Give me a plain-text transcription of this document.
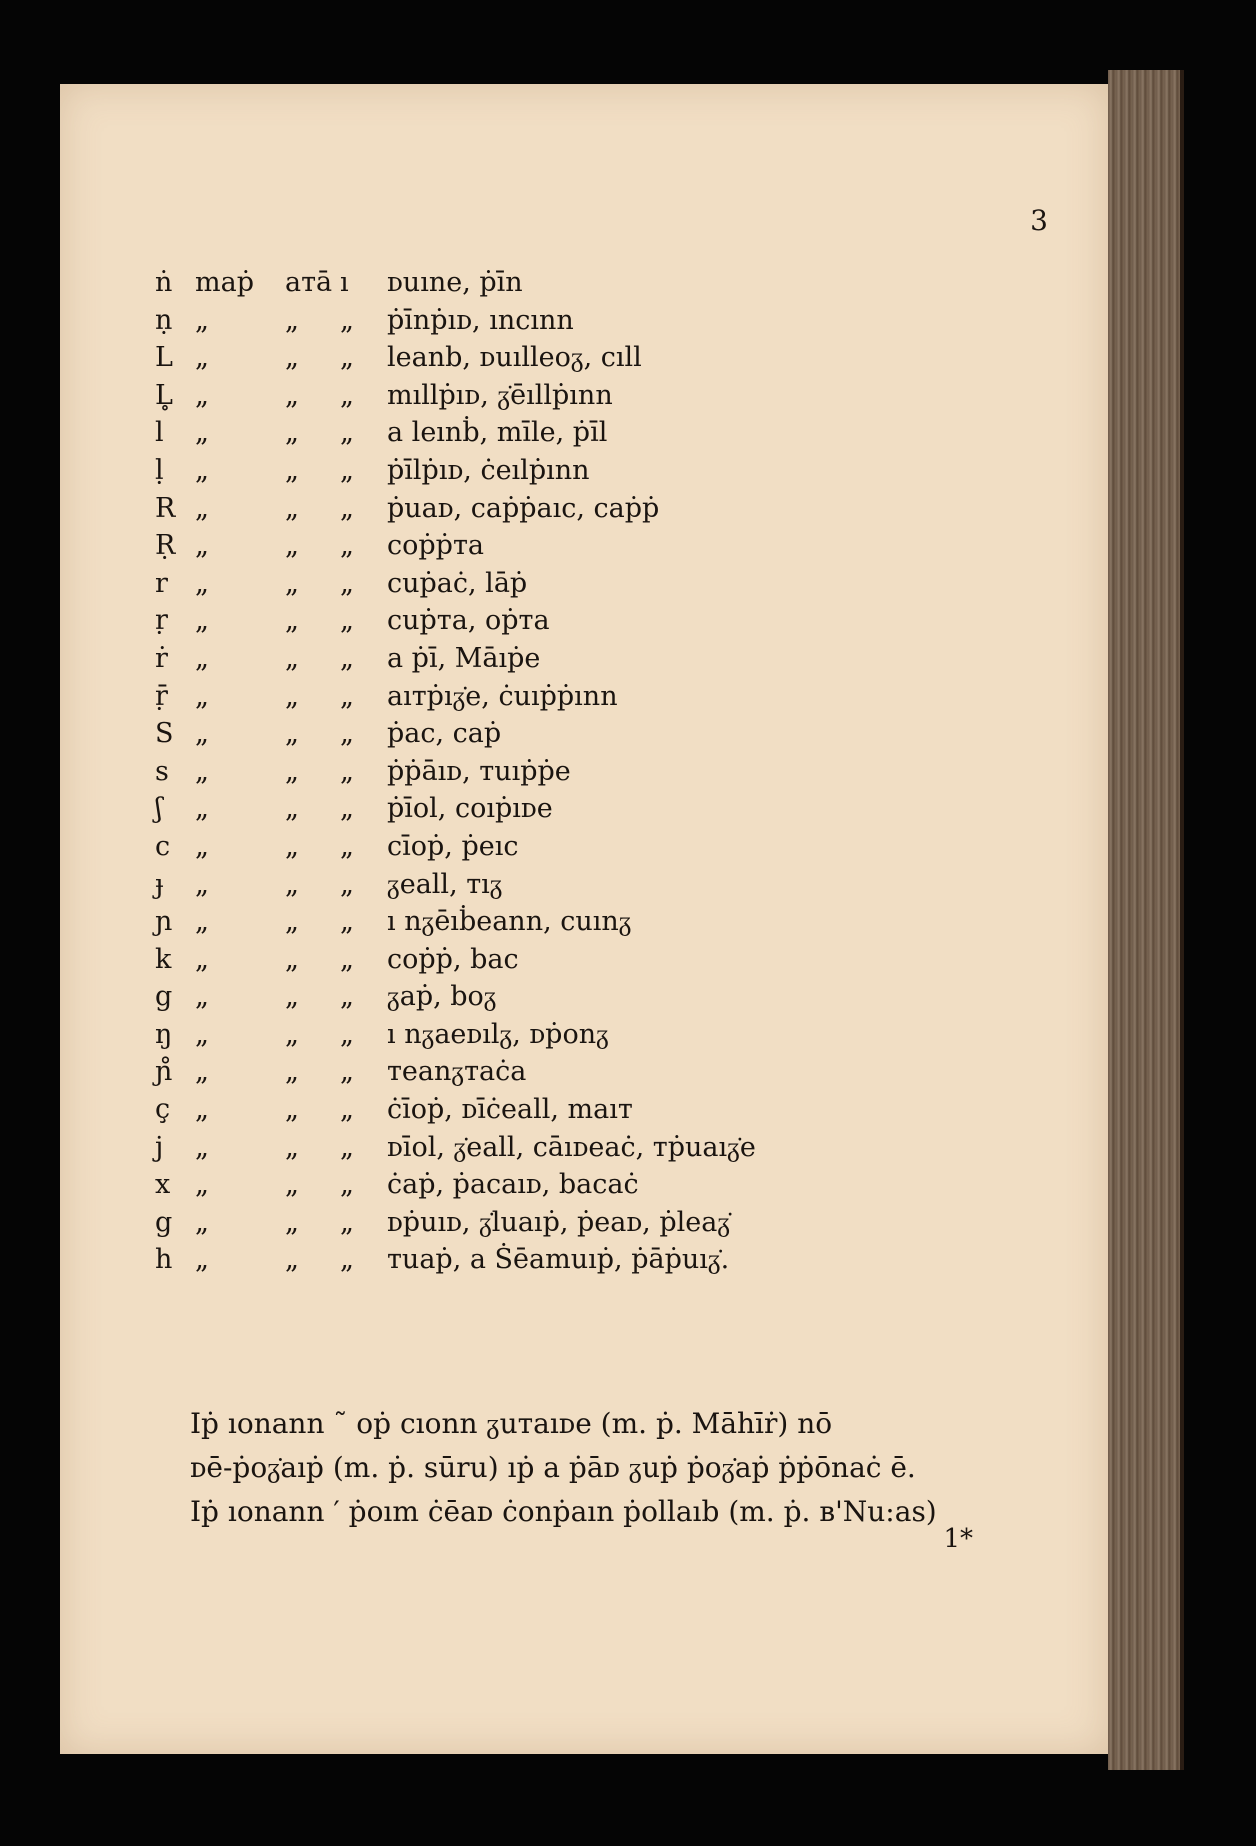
3
ṅ maṗ	aᴛā ı	ᴅuıne, ṗīn
ṇ „	„	„	ṗīnṗıᴅ, ıncınn
L „	„	„	leanb, ᴅuılleoᵹ, cıll
L̥ „	„	„	mıllṗıᴅ, ᵹ̇ēıllṗınn
l	„	„	„	a leınḃ, mīle, ṗīl
ḷ	„	„	„	ṗīlṗıᴅ, ċeılṗınn
R „	„	„	ṗuaᴅ, caṗṗaıc, caṗṗ
Ṛ „	„	„	coṗṗᴛa
r	„	„	„	cuṗaċ, lāṗ
ṛ	„	„	„	cuṗᴛa, oṗᴛa
ṙ	„	„	„	a ṗī, Māıṗe
ṝ	„	„	„	aıᴛṗıᵹ̇e, ċuıṗṗınn
S „	„	„	ṗac, caṗ
s „	„	„	ṗṗāıᴅ, ᴛuıṗṗe
ʃ	„	„	„	ṗīol, coıṗıᴅe
c „	„	„	cīoṗ, ṗeıc
ɟ	„	„	„	ᵹeall, ᴛıᵹ
ɲ „	„	„	ı nᵹēıḃeann, cuınᵹ
k „	„	„	coṗṗ, bac
g „	„	„	ᵹaṗ, boᵹ
ŋ „	„	„	ı nᵹaeᴅılᵹ, ᴅṗonᵹ
ɲ̊ „	„	„	ᴛeanᵹᴛaċa
ç „	„	„	ċīoṗ, ᴅīċeall, maıᴛ
j	„	„	„	ᴅīol, ᵹ̇eall, cāıᴅeaċ, ᴛṗuaıᵹ̇e
x „	„	„	ċaṗ, ṗacaıᴅ, bacaċ
g „	„	„	ᴅṗuıᴅ, ᵹ̇luaıṗ, ṗeaᴅ, ṗleaᵹ̇
h „	„	„	ᴛuaṗ, a Ṡēamuıṗ, ṗāṗuıᵹ̇.

Iṗ ıonann ˜ oṗ cıonn ᵹuᴛaıᴅe (m. ṗ. Māhīṙ) nō

ᴅē-ṗoᵹ̇aıṗ (m. ṗ. sūru) ıṗ a ṗāᴅ ᵹuṗ ṗoᵹ̇aṗ ṗṗōnaċ ē.

Iṗ ıonann ′ ṗoım ċēaᴅ ċonṗaın ṗollaıb (m. ṗ. ʙ'Nu:as)

1*
